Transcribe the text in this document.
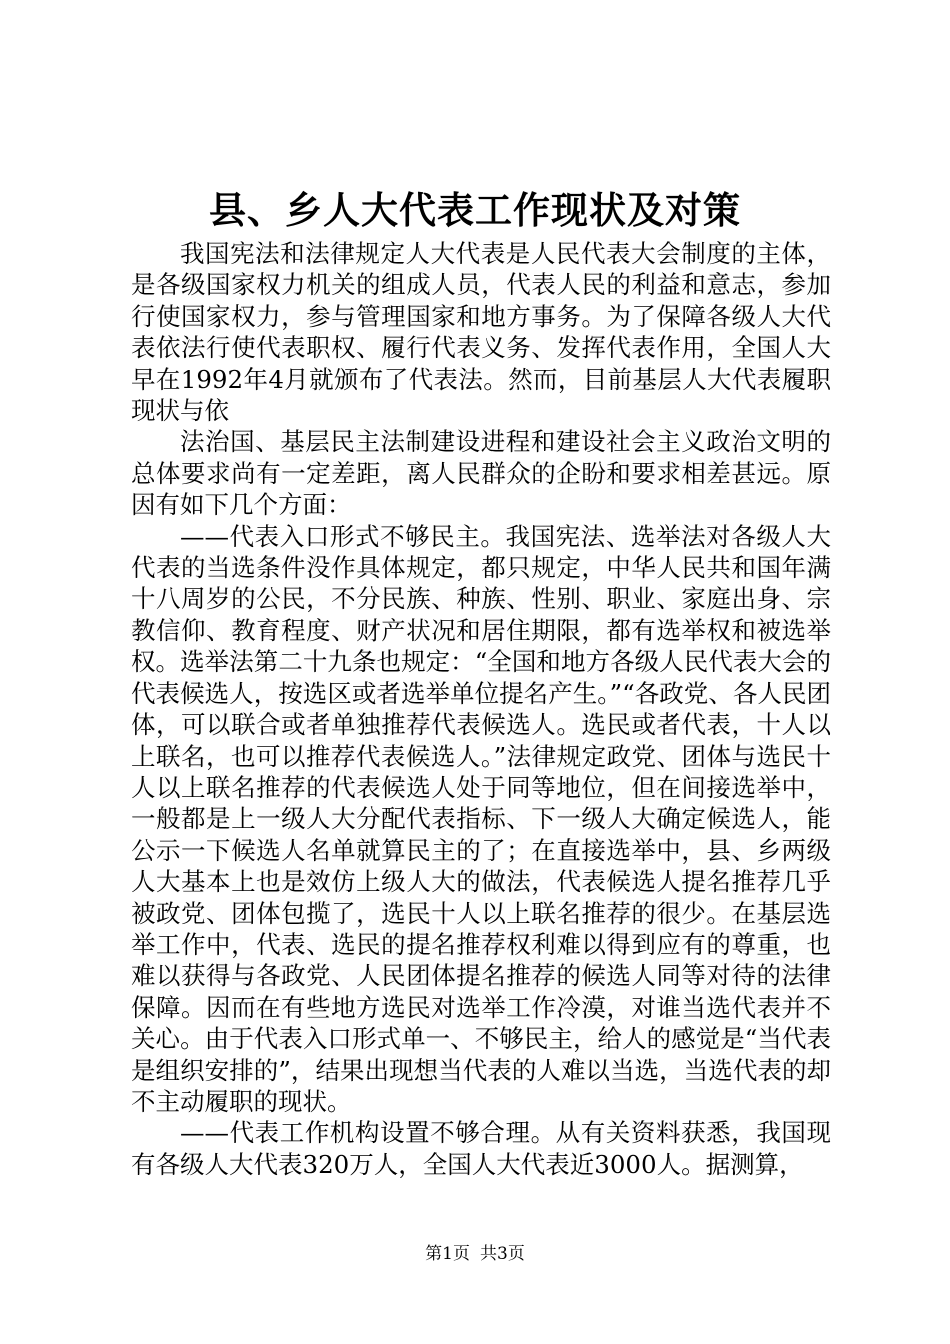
县、乡人大代表工作现状及对策

我国宪法和法律规定人大代表是人民代表大会制度的主体，是各级国家权力机关的组成人员，代表人民的利益和意志，参加行使国家权力，参与管理国家和地方事务。为了保障各级人大代表依法行使代表职权、履行代表义务、发挥代表作用，全国人大早在1992年4月就颁布了代表法。然而，目前基层人大代表履职现状与依

法治国、基层民主法制建设进程和建设社会主义政治文明的总体要求尚有一定差距，离人民群众的企盼和要求相差甚远。原因有如下几个方面：

——代表入口形式不够民主。我国宪法、选举法对各级人大代表的当选条件没作具体规定，都只规定，中华人民共和国年满十八周岁的公民，不分民族、种族、性别、职业、家庭出身、宗教信仰、教育程度、财产状况和居住期限，都有选举权和被选举权。选举法第二十九条也规定：“全国和地方各级人民代表大会的代表候选人，按选区或者选举单位提名产生。”“各政党、各人民团体，可以联合或者单独推荐代表候选人。选民或者代表，十人以上联名，也可以推荐代表候选人。”法律规定政党、团体与选民十人以上联名推荐的代表候选人处于同等地位，但在间接选举中，一般都是上一级人大分配代表指标、下一级人大确定候选人，能公示一下候选人名单就算民主的了；在直接选举中，县、乡两级人大基本上也是效仿上级人大的做法，代表候选人提名推荐几乎被政党、团体包揽了，选民十人以上联名推荐的很少。在基层选举工作中，代表、选民的提名推荐权利难以得到应有的尊重，也难以获得与各政党、人民团体提名推荐的候选人同等对待的法律保障。因而在有些地方选民对选举工作冷漠，对谁当选代表并不关心。由于代表入口形式单一、不够民主，给人的感觉是“当代表是组织安排的”，结果出现想当代表的人难以当选，当选代表的却不主动履职的现状。

——代表工作机构设置不够合理。从有关资料获悉，我国现有各级人大代表320万人，全国人大代表近3000人。据测算，

第1页 共3页
